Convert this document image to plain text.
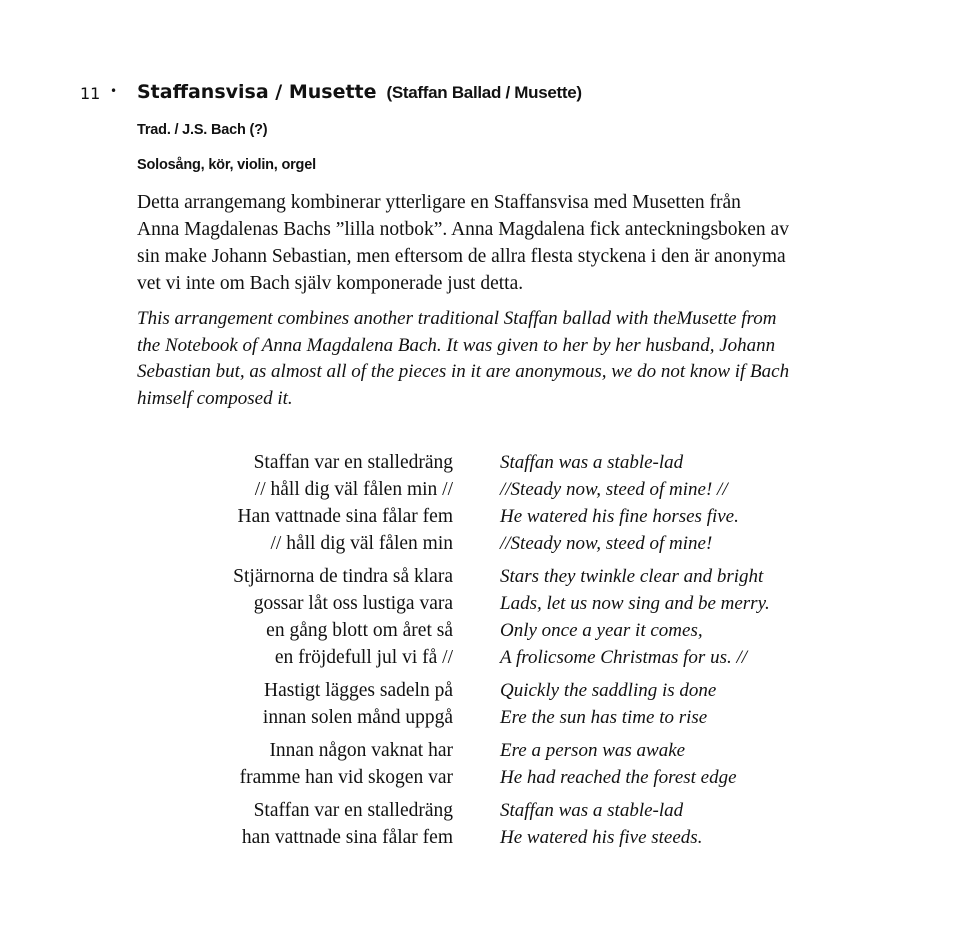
11 • Staffansvisa / Musette (Staffan Ballad / Musette)
Trad. / J.S. Bach (?)
Solosång, kör, violin, orgel
Detta arrangemang kombinerar ytterligare en Staffansvisa med Musetten från
Anna Magdalenas Bachs ”lilla notbok”. Anna Magdalena fick anteckningsboken av
sin make Johann Sebastian, men eftersom de allra flesta styckena i den är anonyma
vet vi inte om Bach själv komponerade just detta.
This arrangement combines another traditional Staffan ballad with theMusette from
the Notebook of Anna Magdalena Bach. It was given to her by her husband, Johann
Sebastian but, as almost all of the pieces in it are anonymous, we do not know if Bach
himself composed it.
Staffan var en stalledräng Staffan was a stable-lad
// håll dig väl fålen min // //Steady now, steed of mine! //
Han vattnade sina fålar fem He watered his fine horses five.
// håll dig väl fålen min //Steady now, steed of mine!
Stjärnorna de tindra så klara Stars they twinkle clear and bright
gossar låt oss lustiga vara Lads, let us now sing and be merry.
en gång blott om året så Only once a year it comes,
en fröjdefull jul vi få // A frolicsome Christmas for us. //
Hastigt lägges sadeln på Quickly the saddling is done
innan solen månd uppgå Ere the sun has time to rise
Innan någon vaknat har Ere a person was awake
framme han vid skogen var He had reached the forest edge
Staffan var en stalledräng Staffan was a stable-lad
han vattnade sina fålar fem He watered his five steeds.
